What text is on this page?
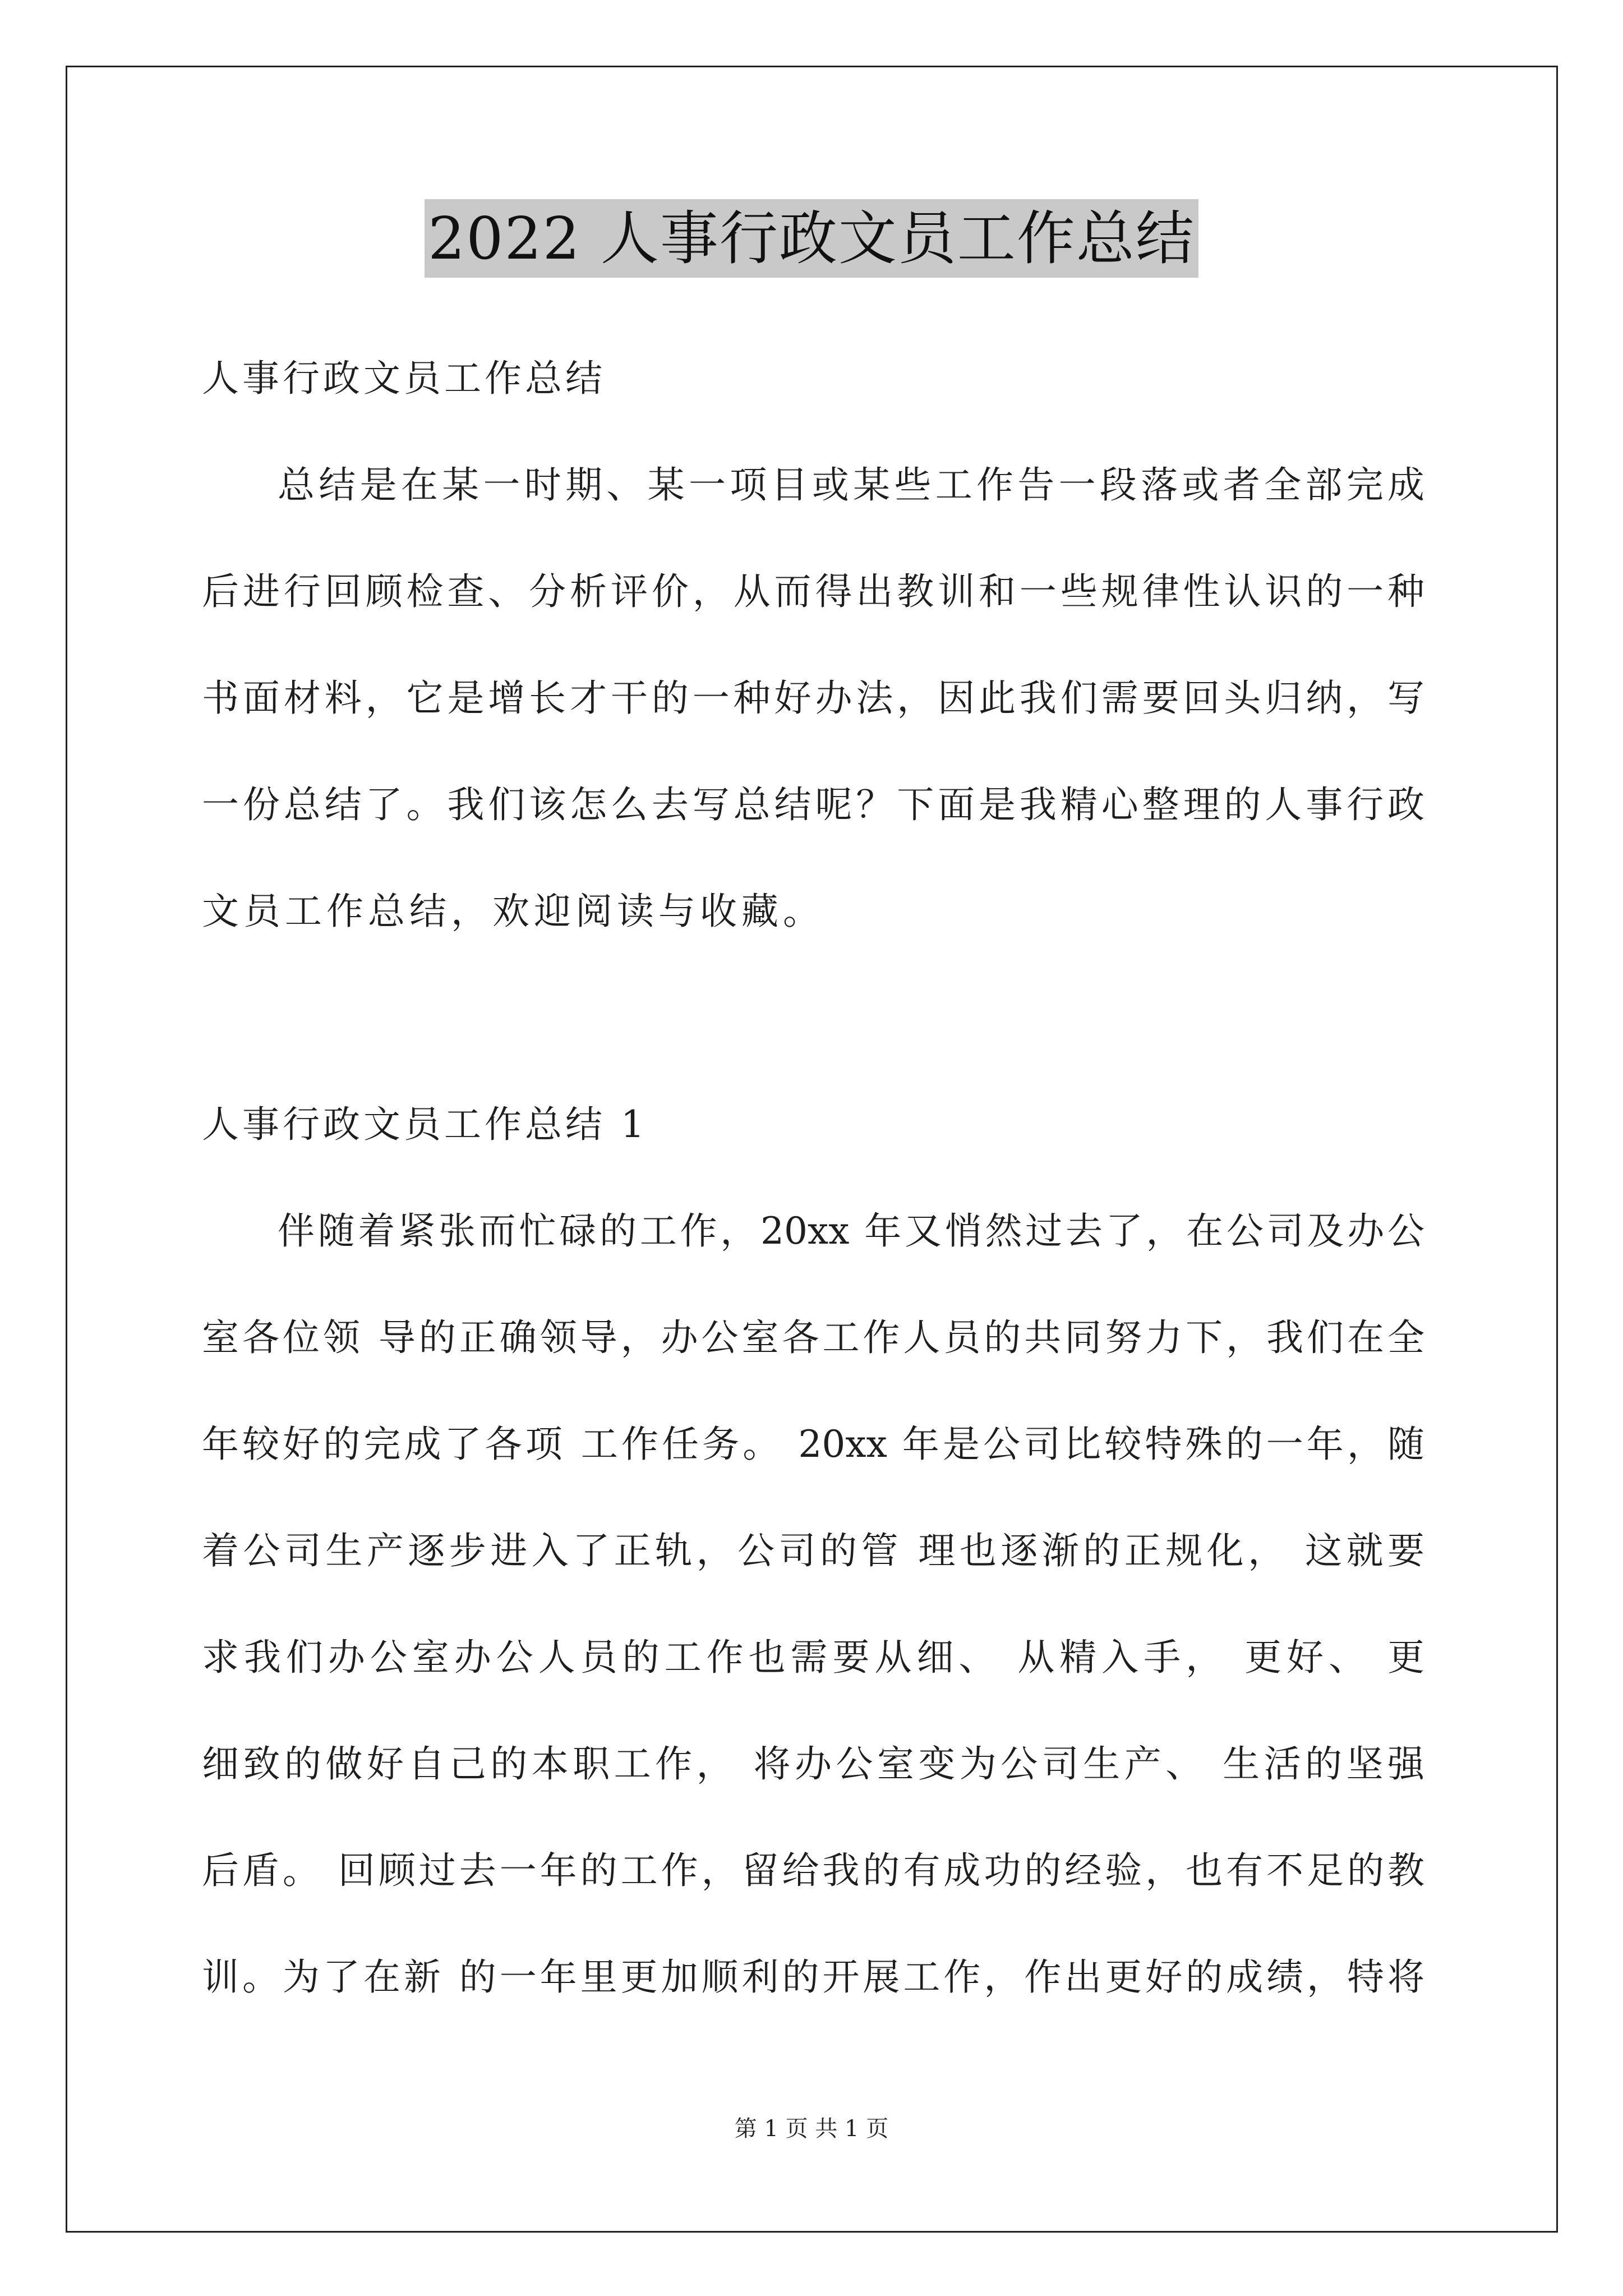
2022 人事行政文员工作总结
人事行政文员工作总结
总结是在某一时期、某一项目或某些工作告一段落或者全部完成
后进行回顾检查、分析评价，从而得出教训和一些规律性认识的一种
书面材料，它是增长才干的一种好办法，因此我们需要回头归纳，写
一份总结了。我们该怎么去写总结呢？下面是我精心整理的人事行政
文员工作总结，欢迎阅读与收藏。
人事行政文员工作总结 1
伴随着紧张而忙碌的工作，20xx 年又悄然过去了，在公司及办公
室各位领 导的正确领导，办公室各工作人员的共同努力下，我们在全
年较好的完成了各项 工作任务。 20xx 年是公司比较特殊的一年，随
着公司生产逐步进入了正轨，公司的管 理也逐渐的正规化， 这就要
求我们办公室办公人员的工作也需要从细、 从精入手， 更好、 更
细致的做好自己的本职工作， 将办公室变为公司生产、 生活的坚强
后盾。 回顾过去一年的工作，留给我的有成功的经验，也有不足的教
训。为了在新 的一年里更加顺利的开展工作，作出更好的成绩，特将
第 1 页 共 1 页
